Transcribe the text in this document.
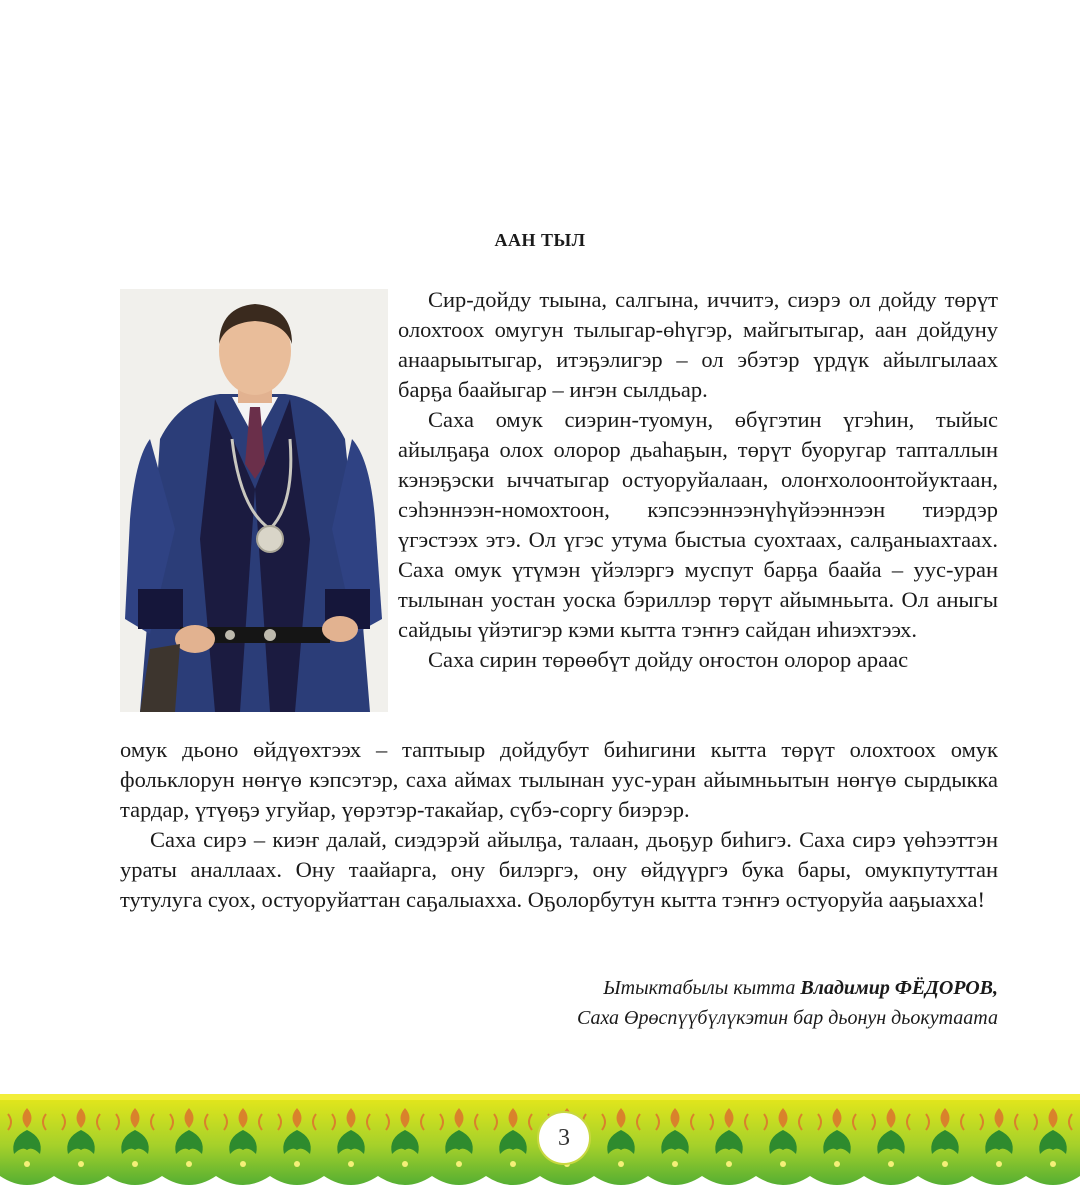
ААН ТЫЛ

Сир-дойду тыына, салгына, иччитэ, сиэрэ ол дойду төрүт олохтоох омугун тылыгар-өһүгэр, майгытыгар, аан дойдуну анаарыытыгар, итэҕэлигэр – ол эбэтэр үрдүк айылгылаах барҕа баайыгар – иҥэн сылдьар.

Саха омук сиэрин-туомун, өбүгэтин үгэһин, тыйыс айылҕаҕа олох олорор дьаһаҕын, төрүт буоругар тапталлын кэнэҕэски ыччатыгар остуоруйалаан, олоҥхолоонтойуктаан, сэһэннээн-номохтоон, кэпсээннээнүһүйээннээн тиэрдэр үгэстээх этэ. Ол үгэс утума быстыа суохтаах, салҕаныахтаах. Саха омук үтүмэн үйэлэргэ муспут барҕа баайа – уус-уран тылынан уостан уоска бэриллэр төрүт айымньыта. Ол аныгы сайдыы үйэтигэр кэми кытта тэҥҥэ сайдан иһиэхтээх.

Саха сирин төрөөбүт дойду оҥостон олорор араас

омук дьоно өйдүөхтээх – таптыыр дойдубут биһигини кытта төрүт олохтоох омук фольклорун нөҥүө кэпсэтэр, саха аймах тылынан уус-уран айымньытын нөҥүө сырдыкка тардар, үтүөҕэ угуйар, үөрэтэр-такайар, сүбэ-соргу биэрэр.

Саха сирэ – киэҥ далай, сиэдэрэй айылҕа, талаан, дьоҕур биһигэ. Саха сирэ үөһээттэн ураты аналлаах. Ону таайарга, ону билэргэ, ону өйдүүргэ бука бары, омукпутуттан тутулуга суох, остуоруйаттан саҕалыахха. Оҕолорбутун кытта тэҥҥэ остуоруйа ааҕыахха!

Ытыктабылы кытта Владимир ФЁДОРОВ,
Саха Өрөспүүбүлүкэтин бар дьонун дьокутаата
3
